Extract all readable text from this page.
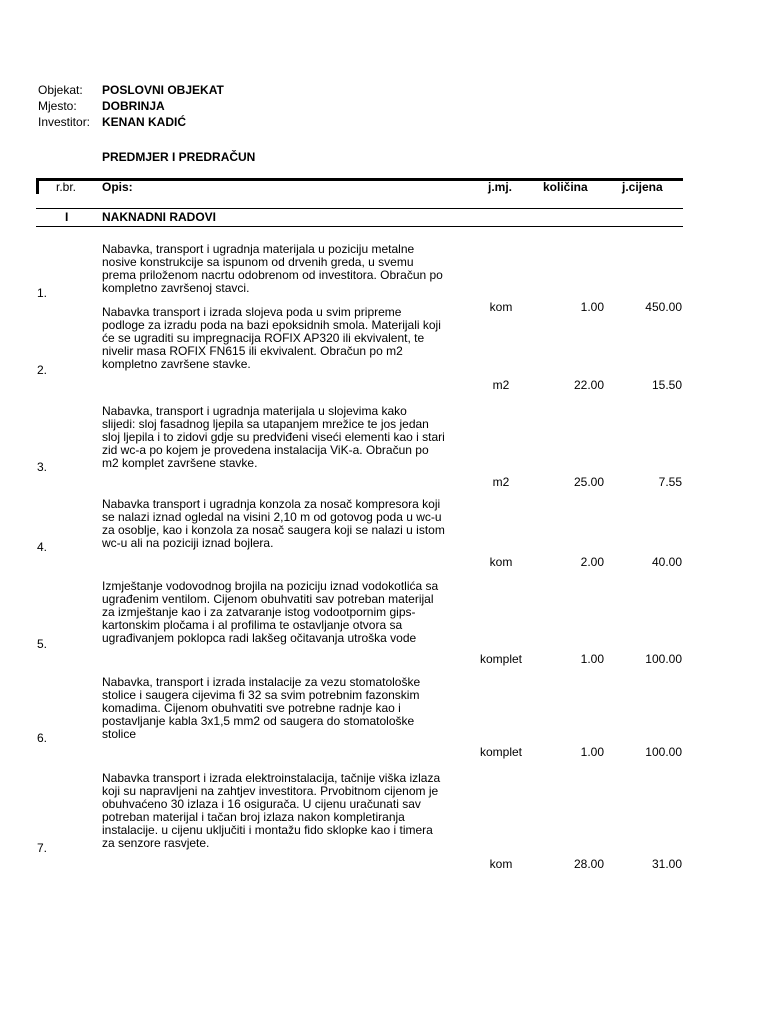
Objekat: POSLOVNI OBJEKAT
Mjesto: DOBRINJA
Investitor: KENAN KADIĆ
PREDMJER I PREDRAČUN
r.br. Opis:	j.mj.	količina	j.cijena
I	NAKNADNI RADOVI
1.
Nabavka, transport i ugradnja materijala u poziciju metalne
nosive konstrukcije sa ispunom od drvenih greda, u svemu
prema priloženom nacrtu odobrenom od investitora. Obračun po
kompletno završenoj stavci.
kom	1.00	450.00
2.
Nabavka transport i izrada slojeva poda u svim pripreme
podloge za izradu poda na bazi epoksidnih smola. Materijali koji
će se ugraditi su impregnacija ROFIX AP320 ili ekvivalent, te
nivelir masa ROFIX FN615 ili ekvivalent. Obračun po m2
kompletno završene stavke.
m2	22.00	15.50
3.
Nabavka, transport i ugradnja materijala u slojevima kako
slijedi: sloj fasadnog ljepila sa utapanjem mrežice te jos jedan
sloj ljepila i to zidovi gdje su predviđeni viseći elementi kao i stari
zid wc-a po kojem je provedena instalacija ViK-a. Obračun po
m2 komplet završene stavke.
m2	25.00	7.55
4.
Nabavka transport i ugradnja konzola za nosač kompresora koji
se nalazi iznad ogledal na visini 2,10 m od gotovog poda u wc-u
za osoblje, kao i konzola za nosač saugera koji se nalazi u istom
wc-u ali na poziciji iznad bojlera.
kom	2.00	40.00
5.
Izmještanje vodovodnog brojila na poziciju iznad vodokotlića sa
ugrađenim ventilom. Cijenom obuhvatiti sav potreban materijal
za izmještanje kao i za zatvaranje istog vodootpornim gips-
kartonskim pločama i al profilima te ostavljanje otvora sa
ugrađivanjem poklopca radi lakšeg očitavanja utroška vode
komplet	1.00	100.00
6.
Nabavka, transport i izrada instalacije za vezu stomatološke
stolice i saugera cijevima fi 32 sa svim potrebnim fazonskim
komadima. Cijenom obuhvatiti sve potrebne radnje kao i
postavljanje kabla 3x1,5 mm2 od saugera do stomatološke
stolice
komplet	1.00	100.00
7.
Nabavka transport i izrada elektroinstalacija, tačnije viška izlaza
koji su napravljeni na zahtjev investitora. Prvobitnom cijenom je
obuhvaćeno 30 izlaza i 16 osigurača. U cijenu uračunati sav
potreban materijal i tačan broj izlaza nakon kompletiranja
instalacije. u cijenu uključiti i montažu fido sklopke kao i timera
za senzore rasvjete.
kom	28.00	31.00
